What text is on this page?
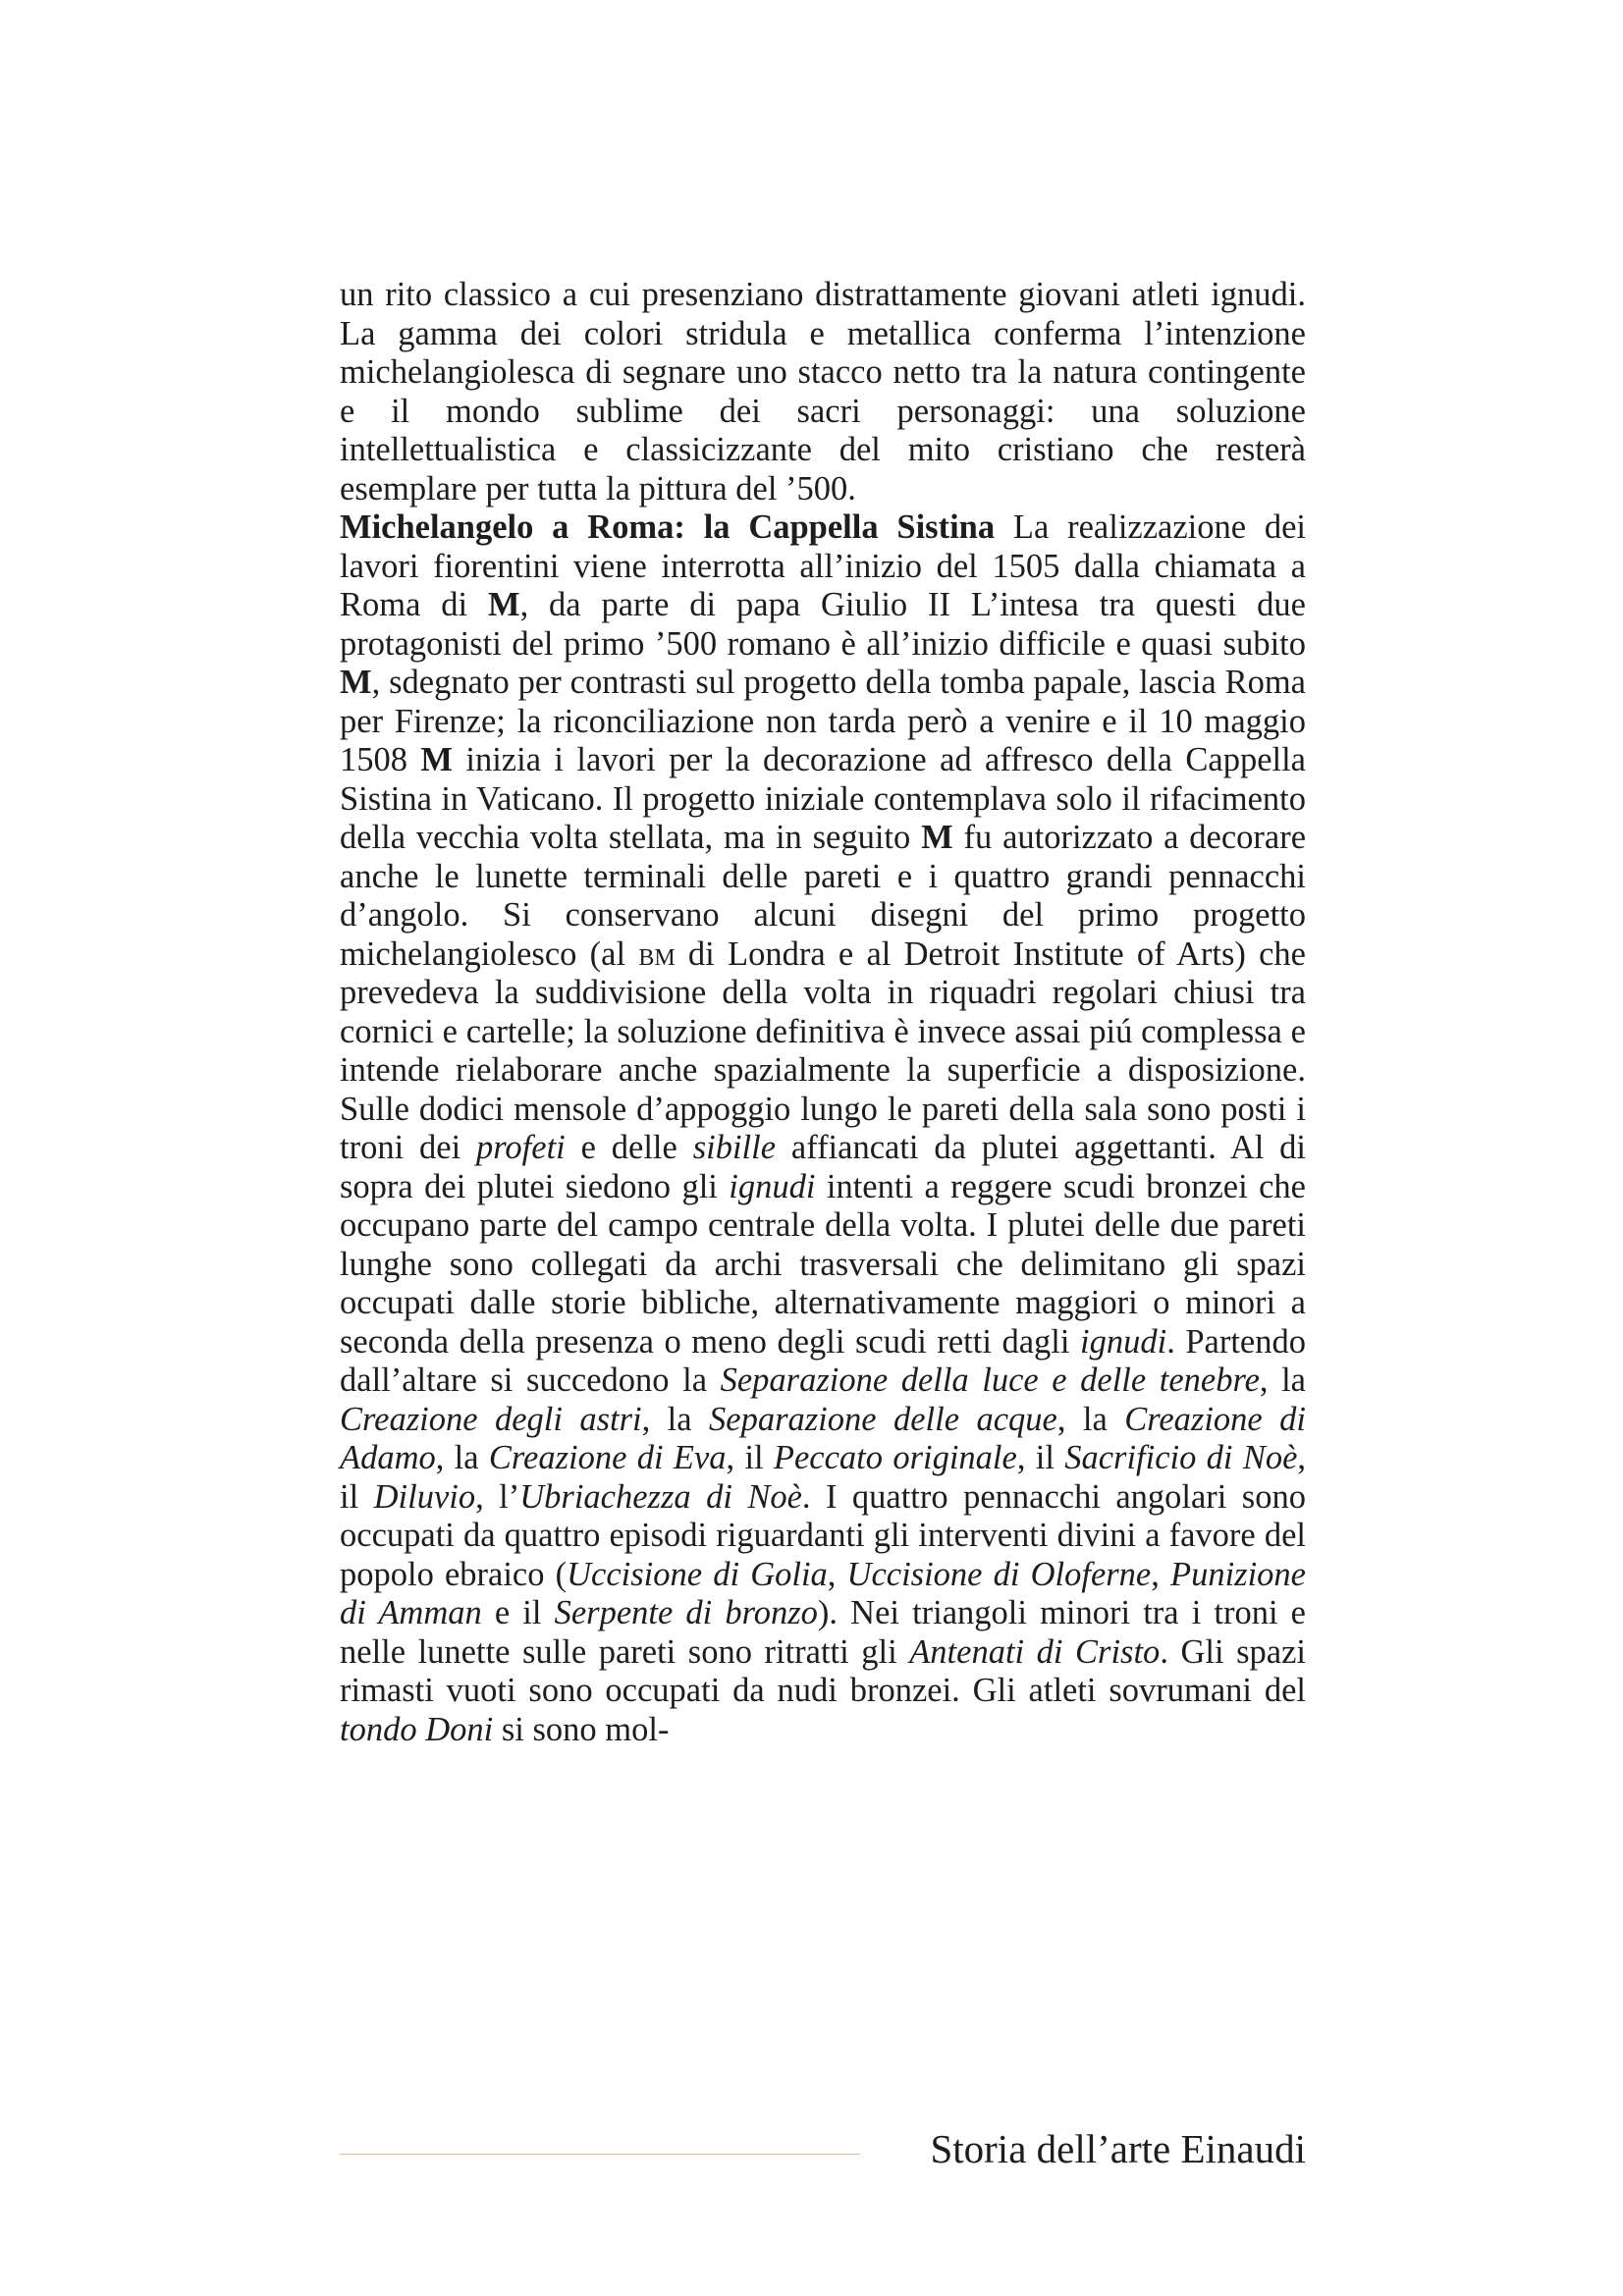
un rito classico a cui presenziano distrattamente giovani atleti ignudi. La gamma dei colori stridula e metallica conferma l’intenzione michelangiolesca di segnare uno stacco netto tra la natura contingente e il mondo sublime dei sacri personaggi: una soluzione intellettualistica e classicizzante del mito cristiano che resterà esemplare per tutta la pittura del ’500.

Michelangelo a Roma: la Cappella Sistina La realizzazione dei lavori fiorentini viene interrotta all’inizio del 1505 dalla chiamata a Roma di M, da parte di papa Giulio II L’intesa tra questi due protagonisti del primo ’500 romano è all’inizio difficile e quasi subito M, sdegnato per contrasti sul progetto della tomba papale, lascia Roma per Firenze; la riconciliazione non tarda però a venire e il 10 maggio 1508 M inizia i lavori per la decorazione ad affresco della Cappella Sistina in Vaticano. Il progetto iniziale contemplava solo il rifacimento della vecchia volta stellata, ma in seguito M fu autorizzato a decorare anche le lunette terminali delle pareti e i quattro grandi pennacchi d’angolo. Si conservano alcuni disegni del primo progetto michelangiolesco (al bm di Londra e al Detroit Institute of Arts) che prevedeva la suddivisione della volta in riquadri regolari chiusi tra cornici e cartelle; la soluzione definitiva è invece assai piú complessa e intende rielaborare anche spazialmente la superficie a disposizione. Sulle dodici mensole d’appoggio lungo le pareti della sala sono posti i troni dei profeti e delle sibille affiancati da plutei aggettanti. Al di sopra dei plutei siedono gli ignudi intenti a reggere scudi bronzei che occupano parte del campo centrale della volta. I plutei delle due pareti lunghe sono collegati da archi trasversali che delimitano gli spazi occupati dalle storie bibliche, alternativamente maggiori o minori a seconda della presenza o meno degli scudi retti dagli ignudi. Partendo dall’altare si succedono la Separazione della luce e delle tenebre, la Creazione degli astri, la Separazione delle acque, la Creazione di Adamo, la Creazione di Eva, il Peccato originale, il Sacrificio di Noè, il Diluvio, l’Ubriachezza di Noè. I quattro pennacchi angolari sono occupati da quattro episodi riguardanti gli interventi divini a favore del popolo ebraico (Uccisione di Golia, Uccisione di Oloferne, Punizione di Amman e il Serpente di bronzo). Nei triangoli minori tra i troni e nelle lunette sulle pareti sono ritratti gli Antenati di Cristo. Gli spazi rimasti vuoti sono occupati da nudi bronzei. Gli atleti sovrumani del tondo Doni si sono mol-

Storia dell’arte Einaudi
